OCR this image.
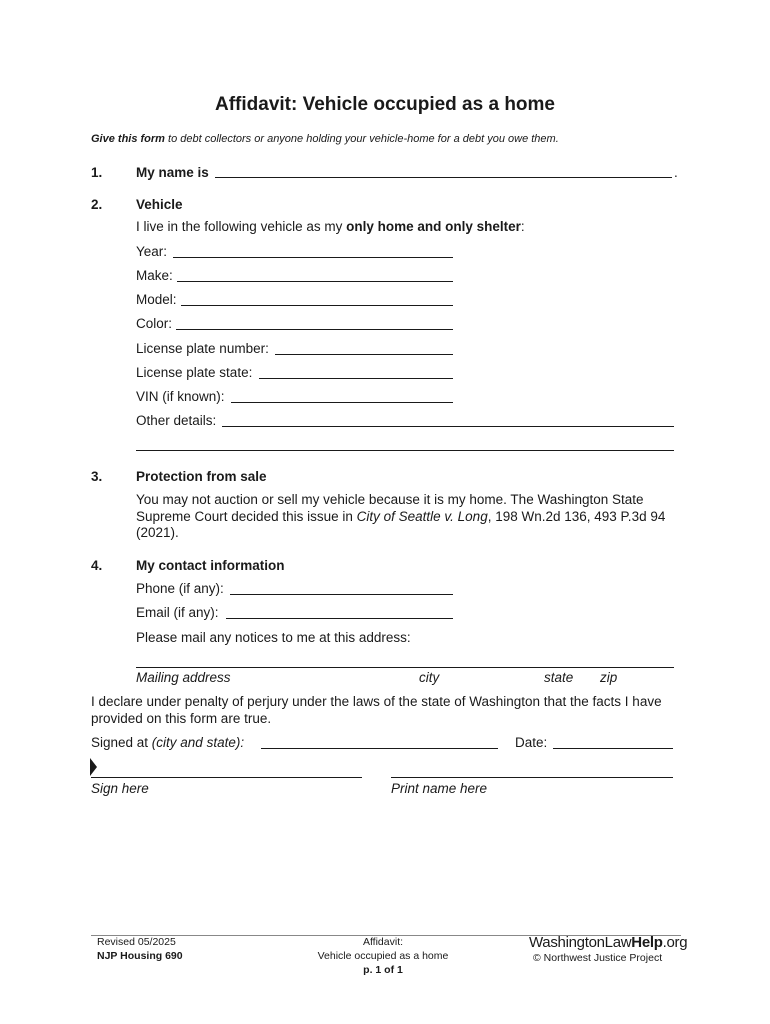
Affidavit: Vehicle occupied as a home
Give this form to debt collectors or anyone holding your vehicle-home for a debt you owe them.
1. My name is	.
2. Vehicle
I live in the following vehicle as my only home and only shelter:
Year:
Make:
Model:
Color:
License plate number:
License plate state:
VIN (if known):
Other details:
3. Protection from sale
You may not auction or sell my vehicle because it is my home. The Washington State Supreme Court decided this issue in City of Seattle v. Long, 198 Wn.2d 136, 493 P.3d 94 (2021).
4. My contact information
Phone (if any):
Email (if any):
Please mail any notices to me at this address:
Mailing address	city	state zip
I declare under penalty of perjury under the laws of the state of Washington that the facts I have provided on this form are true.
Signed at (city and state):	Date:
Sign here	Print name here
Revised 05/2025
NJP Housing 690
Affidavit:
Vehicle occupied as a home
p. 1 of 1
WashingtonLawHelp.org
© Northwest Justice Project
